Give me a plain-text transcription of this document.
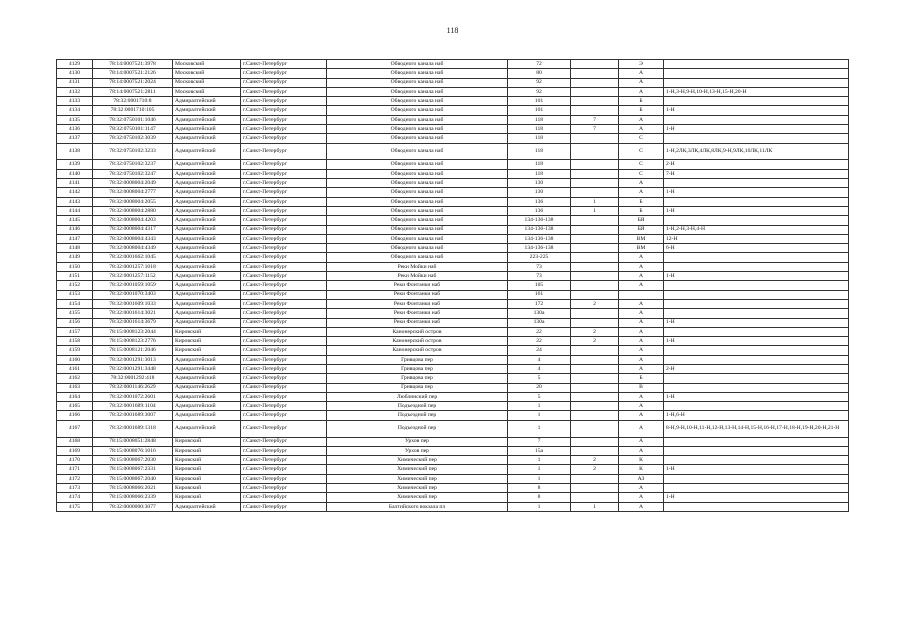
118
4129	78:14:0007521:3978	Московский	г.Санкт-Петербург	Обводного канала наб	72		Э	
4130	78:14:0007521:2126	Московский	г.Санкт-Петербург	Обводного канала наб	80		А	
4131	78:14:0007521:2024	Московский	г.Санкт-Петербург	Обводного канала наб	92		А	
4132	78:14:0007521:2811	Московский	г.Санкт-Петербург	Обводного канала наб	92		А	1-Н,3-Н,9-Н,10-Н,13-Н,15-Н,20-Н
4133	78:32:0001710:8	Адмиралтейский	г.Санкт-Петербург	Обводного канала наб	101		Б	
4134	78:32:0001710:105	Адмиралтейский	г.Санкт-Петербург	Обводного канала наб	101		Б	1-Н
4135	78:32:0750101:1046	Адмиралтейский	г.Санкт-Петербург	Обводного канала наб	118	7	А	
4136	78:32:0750101:1147	Адмиралтейский	г.Санкт-Петербург	Обводного канала наб	118	7	А	1-Н
4137	78:32:0750102:3039	Адмиралтейский	г.Санкт-Петербург	Обводного канала наб	118		С	
4138	78:32:0750102:3233	Адмиралтейский	г.Санкт-Петербург	Обводного канала наб	118		С	1-Н,2ЛК,3ЛК,4ЛК,8ЛК,9-Н,9ЛК,10ЛК,11ЛК
4139	78:32:0750102:3237	Адмиралтейский	г.Санкт-Петербург	Обводного канала наб	118		С	2-Н
4140	78:32:0750102:3247	Адмиралтейский	г.Санкт-Петербург	Обводного канала наб	118		С	7-Н
4141	78:32:0008004:2049	Адмиралтейский	г.Санкт-Петербург	Обводного канала наб	130		А	
4142	78:32:0008004:2777	Адмиралтейский	г.Санкт-Петербург	Обводного канала наб	130		А	1-Н
4143	78:32:0008004:2055	Адмиралтейский	г.Санкт-Петербург	Обводного канала наб	136	1	Б	
4144	78:32:0008004:2880	Адмиралтейский	г.Санкт-Петербург	Обводного канала наб	136	1	Б	1-Н
4145	78:32:0008004:4203	Адмиралтейский	г.Санкт-Петербург	Обводного канала наб	134-136-138		БЯ	
4146	78:32:0008004:4317	Адмиралтейский	г.Санкт-Петербург	Обводного канала наб	134-136-138		БЯ	1-Н,2-Н,3-Н,4-Н
4147	78:32:0008004:4343	Адмиралтейский	г.Санкт-Петербург	Обводного канала наб	134-136-138		ВМ	12-Н
4148	78:32:0008004:4349	Адмиралтейский	г.Санкт-Петербург	Обводного канала наб	134-136-138		ВМ	6-Н
4149	78:32:0001662:1045	Адмиралтейский	г.Санкт-Петербург	Обводного канала наб	223-225		А	
4150	78:32:0001257:1018	Адмиралтейский	г.Санкт-Петербург	Реки Мойки наб	73		А	
4151	78:32:0001257:1152	Адмиралтейский	г.Санкт-Петербург	Реки Мойки наб	73		А	1-Н
4152	78:32:0001059:1059	Адмиралтейский	г.Санкт-Петербург	Реки Фонтанки наб	105		А	
4153	78:32:0001070:3403	Адмиралтейский	г.Санкт-Петербург	Реки Фонтанки наб	161			
4154	78:32:0001609:1033	Адмиралтейский	г.Санкт-Петербург	Реки Фонтанки наб	172	2	А	
4155	78:32:0001614:3021	Адмиралтейский	г.Санкт-Петербург	Реки Фонтанки наб	130а		А	
4156	78:32:0001614:3679	Адмиралтейский	г.Санкт-Петербург	Реки Фонтанки наб	130а		А	1-Н
4157	78:15:0008123:2044	Кировский	г.Санкт-Петербург	Канонерский остров	22	2	А	
4158	78:15:0008123:2776	Кировский	г.Санкт-Петербург	Канонерский остров	22	2	А	1-Н
4159	78:15:0008121:2046	Кировский	г.Санкт-Петербург	Канонерский остров	24		А	
4160	78:32:0001291:3013	Адмиралтейский	г.Санкт-Петербург	Гривцова пер	4		А	
4161	78:32:0001291:3448	Адмиралтейский	г.Санкт-Петербург	Гривцова пер	4		А	2-Н
4162	78:32:0001292:418	Адмиралтейский	г.Санкт-Петербург	Гривцова пер	5		Б	
4163	78:32:0001146:2629	Адмиралтейский	г.Санкт-Петербург	Гривцова пер	20		В	
4164	78:32:0001072:2601	Адмиралтейский	г.Санкт-Петербург	Люблинский пер	5		А	1-Н
4165	78:32:0001689:1104	Адмиралтейский	г.Санкт-Петербург	Подъездной пер	1		А	
4166	78:32:0001689:3007	Адмиралтейский	г.Санкт-Петербург	Подъездной пер	1		А	1-Н,6-Н
4167	78:32:0001689:1318	Адмиралтейский	г.Санкт-Петербург	Подъездной пер	1		А	8-Н,9-Н,10-Н,11-Н,12-Н,13-Н,14-Н,15-Н,16-Н,17-Н,18-Н,19-Н,20-Н,21-Н
4168	78:15:0008051:2848	Кировский	г.Санкт-Петербург	Урхов пер	7		А	
4169	78:15:0008076:1016	Кировский	г.Санкт-Петербург	Урхов пер	15а		А	
4170	78:15:0008067:2030	Кировский	г.Санкт-Петербург	Химический пер	1	2	К	
4171	78:15:0008067:2331	Кировский	г.Санкт-Петербург	Химический пер	1	2	К	1-Н
4172	78:15:0008067:2040	Кировский	г.Санкт-Петербург	Химический пер	1		АЗ	
4173	78:15:0008066:2021	Кировский	г.Санкт-Петербург	Химический пер	8		А	
4174	78:15:0008066:2339	Кировский	г.Санкт-Петербург	Химический пер	8		А	1-Н
4175	78:32:0000000:3077	Адмиралтейский	г.Санкт-Петербург	Балтийского вокзала пл	1	1	А	
